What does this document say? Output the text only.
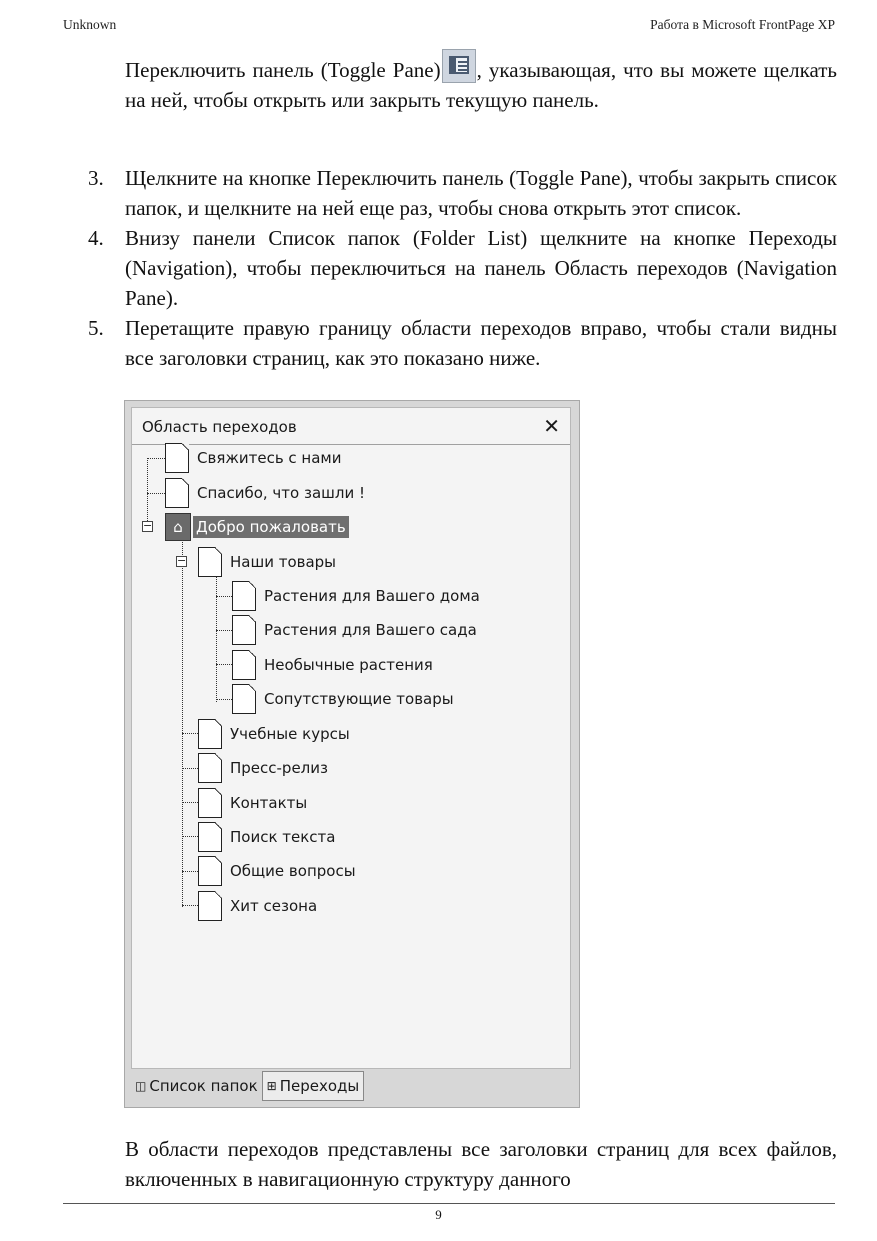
Unknown	Работа в Microsoft FrontPage XP

Переключить панель (Toggle Pane) , указывающая, что вы можете щелкать на ней, чтобы открыть или закрыть текущую панель.

3. Щелкните на кнопке Переключить панель (Toggle Pane), чтобы закрыть список папок, и щелкните на ней еще раз, чтобы снова открыть этот список.
4. Внизу панели Список папок (Folder List) щелкните на кнопке Переходы (Navigation), чтобы переключиться на панель Область переходов (Navigation Pane).
5. Перетащите правую границу области переходов вправо, чтобы стали видны все заголовки страниц, как это показано ниже.
Область переходов	✕
−
−
Свяжитесь с нами
Спасибо, что зашли !
⌂ Добро пожаловать
Наши товары
Растения для Вашего дома
Растения для Вашего сада
Необычные растения
Сопутствующие товары
Учебные курсы
Пресс-релиз
Контакты
Поиск текста
Общие вопросы
Хит сезона
◫ Список папок ⊞ Переходы

В области переходов представлены все заголовки страниц для всех файлов, включенных в навигационную структуру данного

9
